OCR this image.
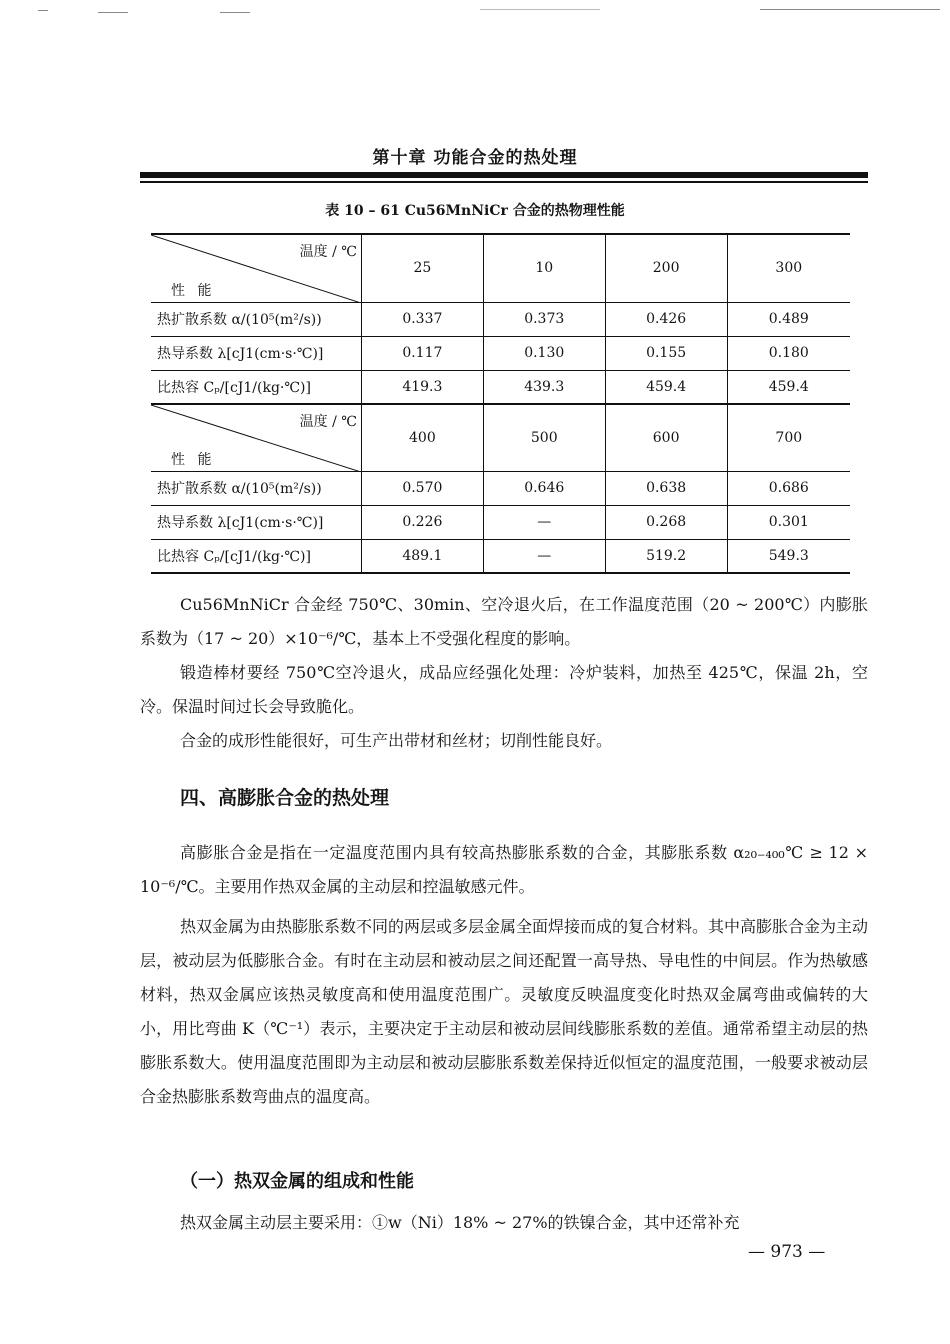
第十章 功能合金的热处理
表 10 – 61 Cu56MnNiCr 合金的热物理性能
温度 / ℃
性 能	25	10	200	300
热扩散系数 α/(10⁵(m²/s))	0.337	0.373	0.426	0.489
热导系数 λ[cJ1(cm·s·℃)]	0.117	0.130	0.155	0.180
比热容 Cₚ/[cJ1/(kg·℃)]	419.3	439.3	459.4	459.4

温度 / ℃
性 能	400	500	600	700
热扩散系数 α/(10⁵(m²/s))	0.570	0.646	0.638	0.686
热导系数 λ[cJ1(cm·s·℃)]	0.226	—	0.268	0.301
比热容 Cₚ/[cJ1/(kg·℃)]	489.1	—	519.2	549.3

Cu56MnNiCr 合金经 750℃、30min、空冷退火后，在工作温度范围（20 ~ 200℃）内膨胀系数为（17 ~ 20）×10⁻⁶/℃，基本上不受强化程度的影响。

锻造棒材要经 750℃空冷退火，成品应经强化处理：冷炉装料，加热至 425℃，保温 2h，空冷。保温时间过长会导致脆化。

合金的成形性能很好，可生产出带材和丝材；切削性能良好。

四、高膨胀合金的热处理

高膨胀合金是指在一定温度范围内具有较高热膨胀系数的合金，其膨胀系数 α₂₀₋₄₀₀℃ ≥ 12 × 10⁻⁶/℃。主要用作热双金属的主动层和控温敏感元件。

热双金属为由热膨胀系数不同的两层或多层金属全面焊接而成的复合材料。其中高膨胀合金为主动层，被动层为低膨胀合金。有时在主动层和被动层之间还配置一高导热、导电性的中间层。作为热敏感材料，热双金属应该热灵敏度高和使用温度范围广。灵敏度反映温度变化时热双金属弯曲或偏转的大小，用比弯曲 K（℃⁻¹）表示，主要决定于主动层和被动层间线膨胀系数的差值。通常希望主动层的热膨胀系数大。使用温度范围即为主动层和被动层膨胀系数差保持近似恒定的温度范围，一般要求被动层合金热膨胀系数弯曲点的温度高。

（一）热双金属的组成和性能

热双金属主动层主要采用：①w（Ni）18% ~ 27%的铁镍合金，其中还常补充

— 973 —
